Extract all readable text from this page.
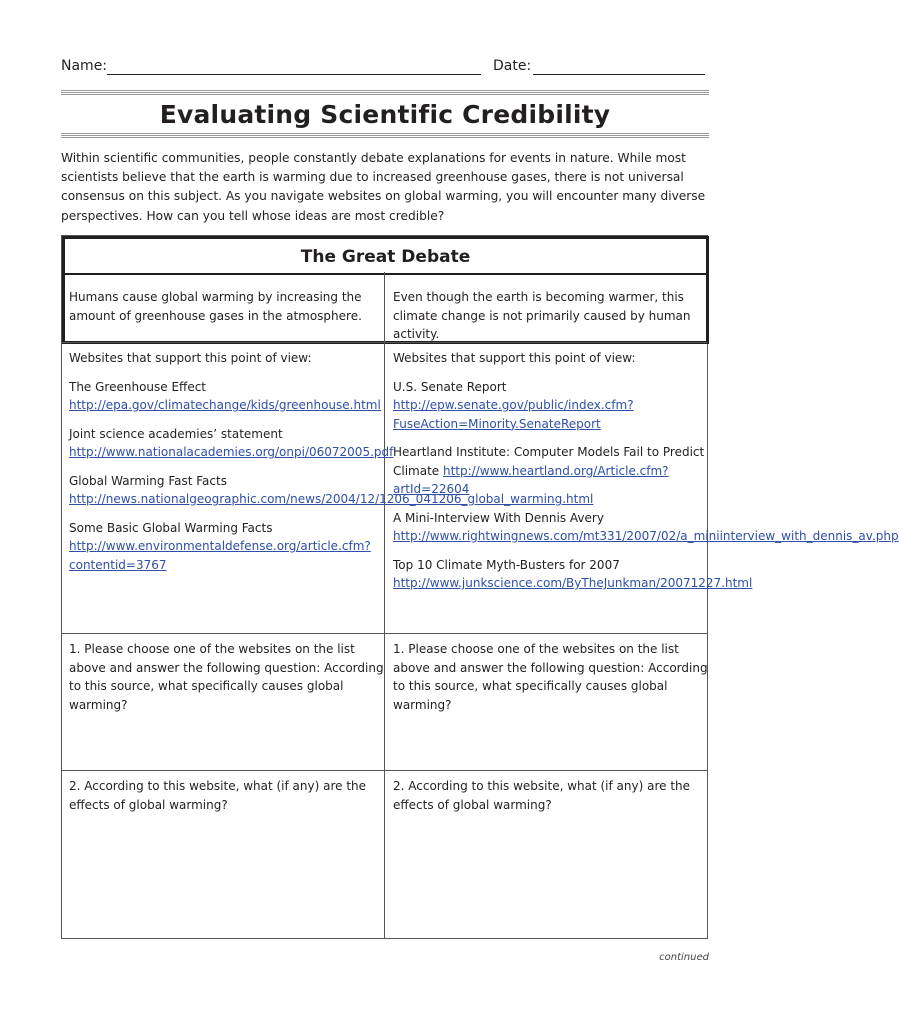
Name:	Date:
Evaluating Scientific Credibility

Within scientific communities, people constantly debate explanations for events in nature. While most scientists believe that the earth is warming due to increased greenhouse gases, there is not universal consensus on this subject. As you navigate websites on global warming, you will encounter many diverse perspectives. How can you tell whose ideas are most credible?

The Great Debate
Humans cause global warming by increasing the amount of greenhouse gases in the atmosphere.
Even though the earth is becoming warmer, this climate change is not primarily caused by human activity.

Websites that support this point of view:

The Greenhouse Effect http://epa.gov/climatechange/kids/greenhouse.html

Joint science academies’ statement http://www.nationalacademies.org/onpi/06072005.pdf

Global Warming Fast Facts http://news.nationalgeographic.com/news/2004/12/1206_041206_global_warming.html

Some Basic Global Warming Facts http://www.environmentaldefense.org/article.cfm?contentid=3767

Websites that support this point of view:

U.S. Senate Report http://epw.senate.gov/public/index.cfm?FuseAction=Minority.SenateReport

Heartland Institute: Computer Models Fail to Predict Climate http://www.heartland.org/Article.cfm?artId=22604

A Mini-Interview With Dennis Avery http://www.rightwingnews.com/mt331/2007/02/a_miniinterview_with_dennis_av.php

Top 10 Climate Myth-Busters for 2007 http://www.junkscience.com/ByTheJunkman/20071227.html

1. Please choose one of the websites on the list above and answer the following question: According to this source, what specifically causes global warming?
1. Please choose one of the websites on the list above and answer the following question: According to this source, what specifically causes global warming?
2. According to this website, what (if any) are the effects of global warming?
2. According to this website, what (if any) are the effects of global warming?
continued
